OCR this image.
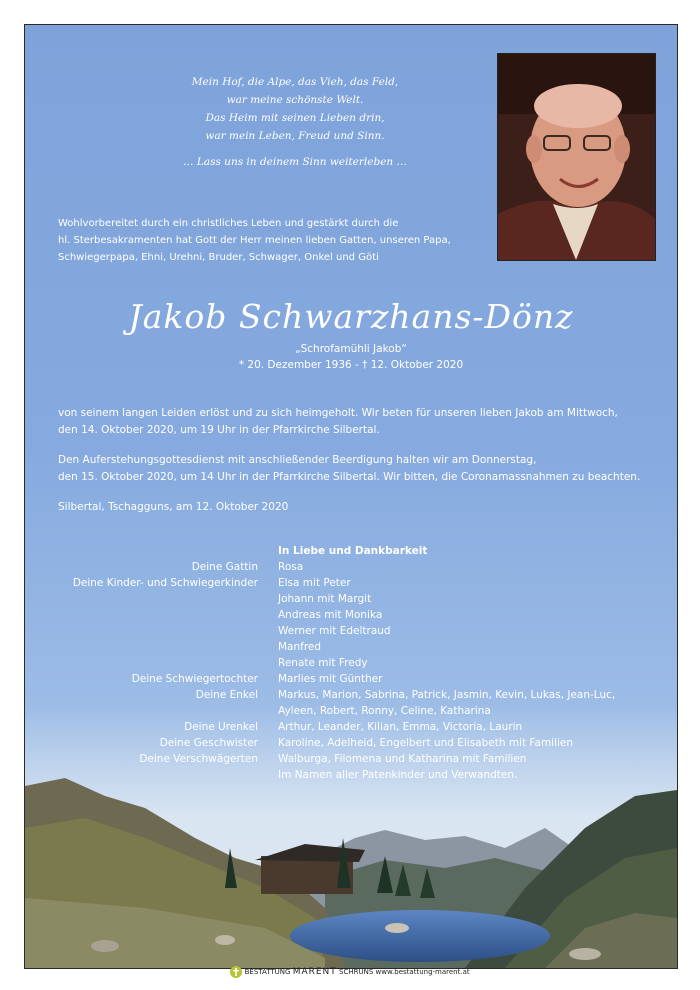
Mein Hof, die Alpe, das Vieh, das Feld,
war meine schönste Welt.
Das Heim mit seinen Lieben drin,
war mein Leben, Freud und Sinn.
… Lass uns in deinem Sinn weiterleben …
Wohlvorbereitet durch ein christliches Leben und gestärkt durch die
hl. Sterbesakramenten hat Gott der Herr meinen lieben Gatten, unseren Papa,
Schwiegerpapa, Ehni, Urehni, Bruder, Schwager, Onkel und Göti
Jakob Schwarzhans-Dönz
„Schrofamühli Jakob“
* 20. Dezember 1936 - † 12. Oktober 2020
von seinem langen Leiden erlöst und zu sich heimgeholt. Wir beten für unseren lieben Jakob am Mittwoch,
den 14. Oktober 2020, um 19 Uhr in der Pfarrkirche Silbertal.
Den Auferstehungsgottesdienst mit anschließender Beerdigung halten wir am Donnerstag,
den 15. Oktober 2020, um 14 Uhr in der Pfarrkirche Silbertal. Wir bitten, die Coronamassnahmen zu beachten.
Silbertal, Tschagguns, am 12. Oktober 2020
In Liebe und Dankbarkeit
Deine Gattin	Rosa
Deine Kinder- und Schwiegerkinder	Elsa mit Peter
Johann mit Margit
Andreas mit Monika
Werner mit Edeltraud
Manfred
Renate mit Fredy
Deine Schwiegertochter	Marlies mit Günther
Deine Enkel	Markus, Marion, Sabrina, Patrick, Jasmin, Kevin, Lukas, Jean-Luc,
Ayleen, Robert, Ronny, Celine, Katharina
Deine Urenkel	Arthur, Leander, Kilian, Emma, Victoria, Laurin
Deine Geschwister	Karoline, Adelheid, Engelbert und Elisabeth mit Familien
Deine Verschwägerten	Walburga, Filomena und Katharina mit Familien
Im Namen aller Patenkinder und Verwandten.
BESTATTUNG MARENT SCHRUNS www.bestattung-marent.at
